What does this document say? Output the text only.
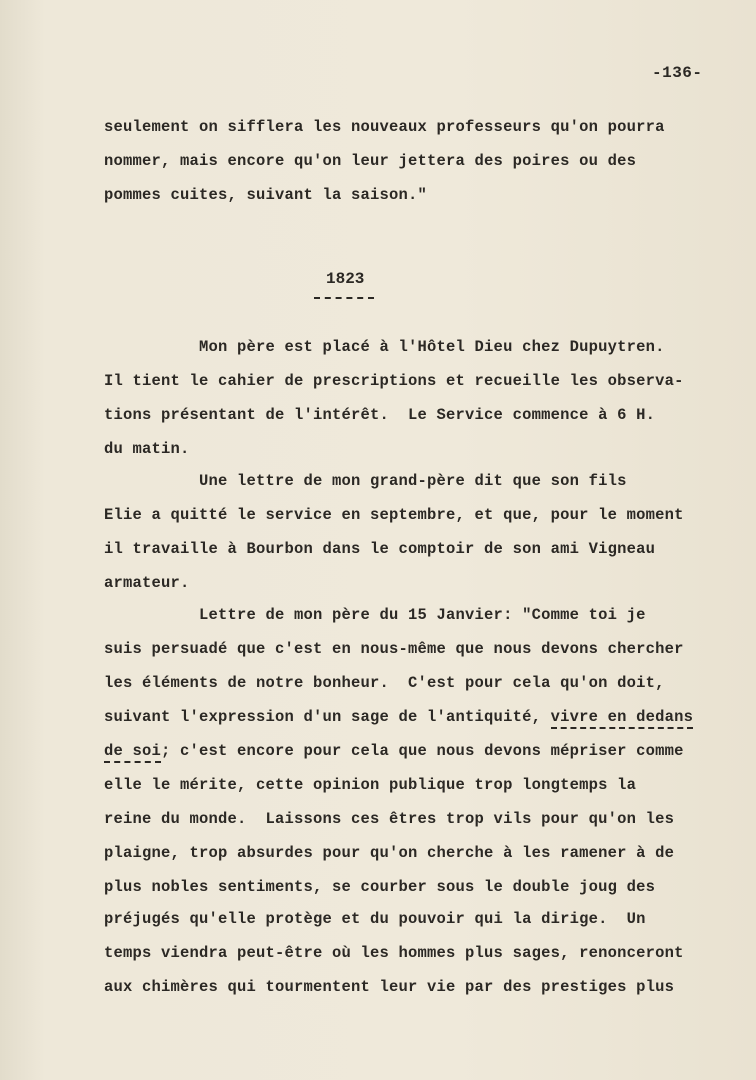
-136-
seulement on sifflera les nouveaux professeurs qu'on pourra
nommer, mais encore qu'on leur jettera des poires ou des
pommes cuites, suivant la saison."
1823
Mon père est placé à l'Hôtel Dieu chez Dupuytren.
Il tient le cahier de prescriptions et recueille les observa-
tions présentant de l'intérêt.  Le Service commence à 6 H.
du matin.
Une lettre de mon grand-père dit que son fils
Elie a quitté le service en septembre, et que, pour le moment
il travaille à Bourbon dans le comptoir de son ami Vigneau
armateur.
Lettre de mon père du 15 Janvier: "Comme toi je
suis persuadé que c'est en nous-même que nous devons chercher
les éléments de notre bonheur.  C'est pour cela qu'on doit,
suivant l'expression d'un sage de l'antiquité, vivre en dedans
de soi; c'est encore pour cela que nous devons mépriser comme
elle le mérite, cette opinion publique trop longtemps la
reine du monde.  Laissons ces êtres trop vils pour qu'on les
plaigne, trop absurdes pour qu'on cherche à les ramener à de
plus nobles sentiments, se courber sous le double joug des
préjugés qu'elle protège et du pouvoir qui la dirige.  Un
temps viendra peut-être où les hommes plus sages, renonceront
aux chimères qui tourmentent leur vie par des prestiges plus
